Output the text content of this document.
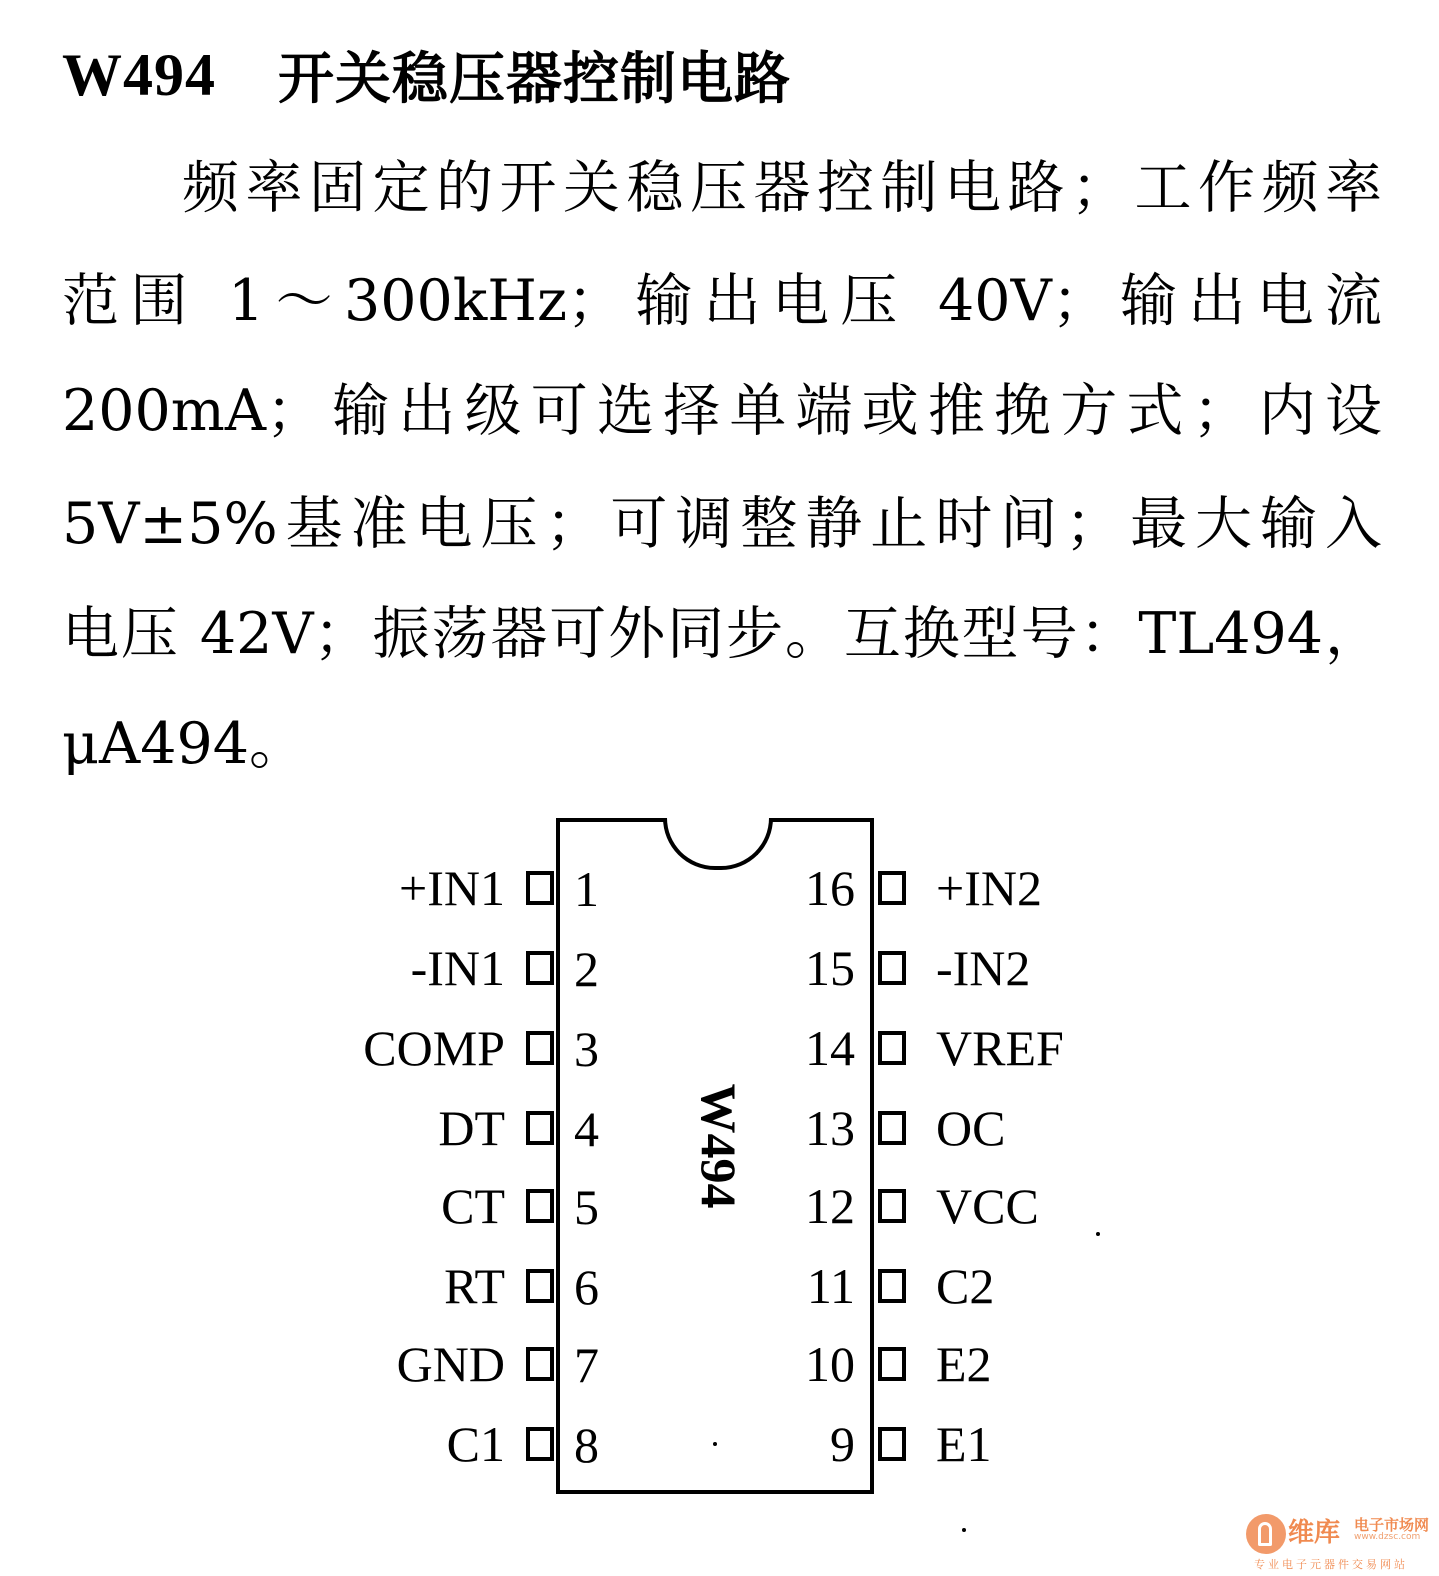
W494 开关稳压器控制电路

频率固定的开关稳压器控制电路；工作频率

范围 1～300kHz；输出电压 40V；输出电流

200mA；输出级可选择单端或推挽方式；内设

5V±5%基准电压；可调整静止时间；最大输入

电压 42V；振荡器可外同步。互换型号：TL494，

μA494。

W494
+IN1 1
-IN1 2
COMP 3
DT 4
CT 5
RT 6
GND 7
C1 8
16 +IN2
15 -IN2
14 VREF
13 OC
12 VCC
11 C2
10 E2
9 E1
维库 电子市场网
www.dzsc.com
专业电子元器件交易网站
